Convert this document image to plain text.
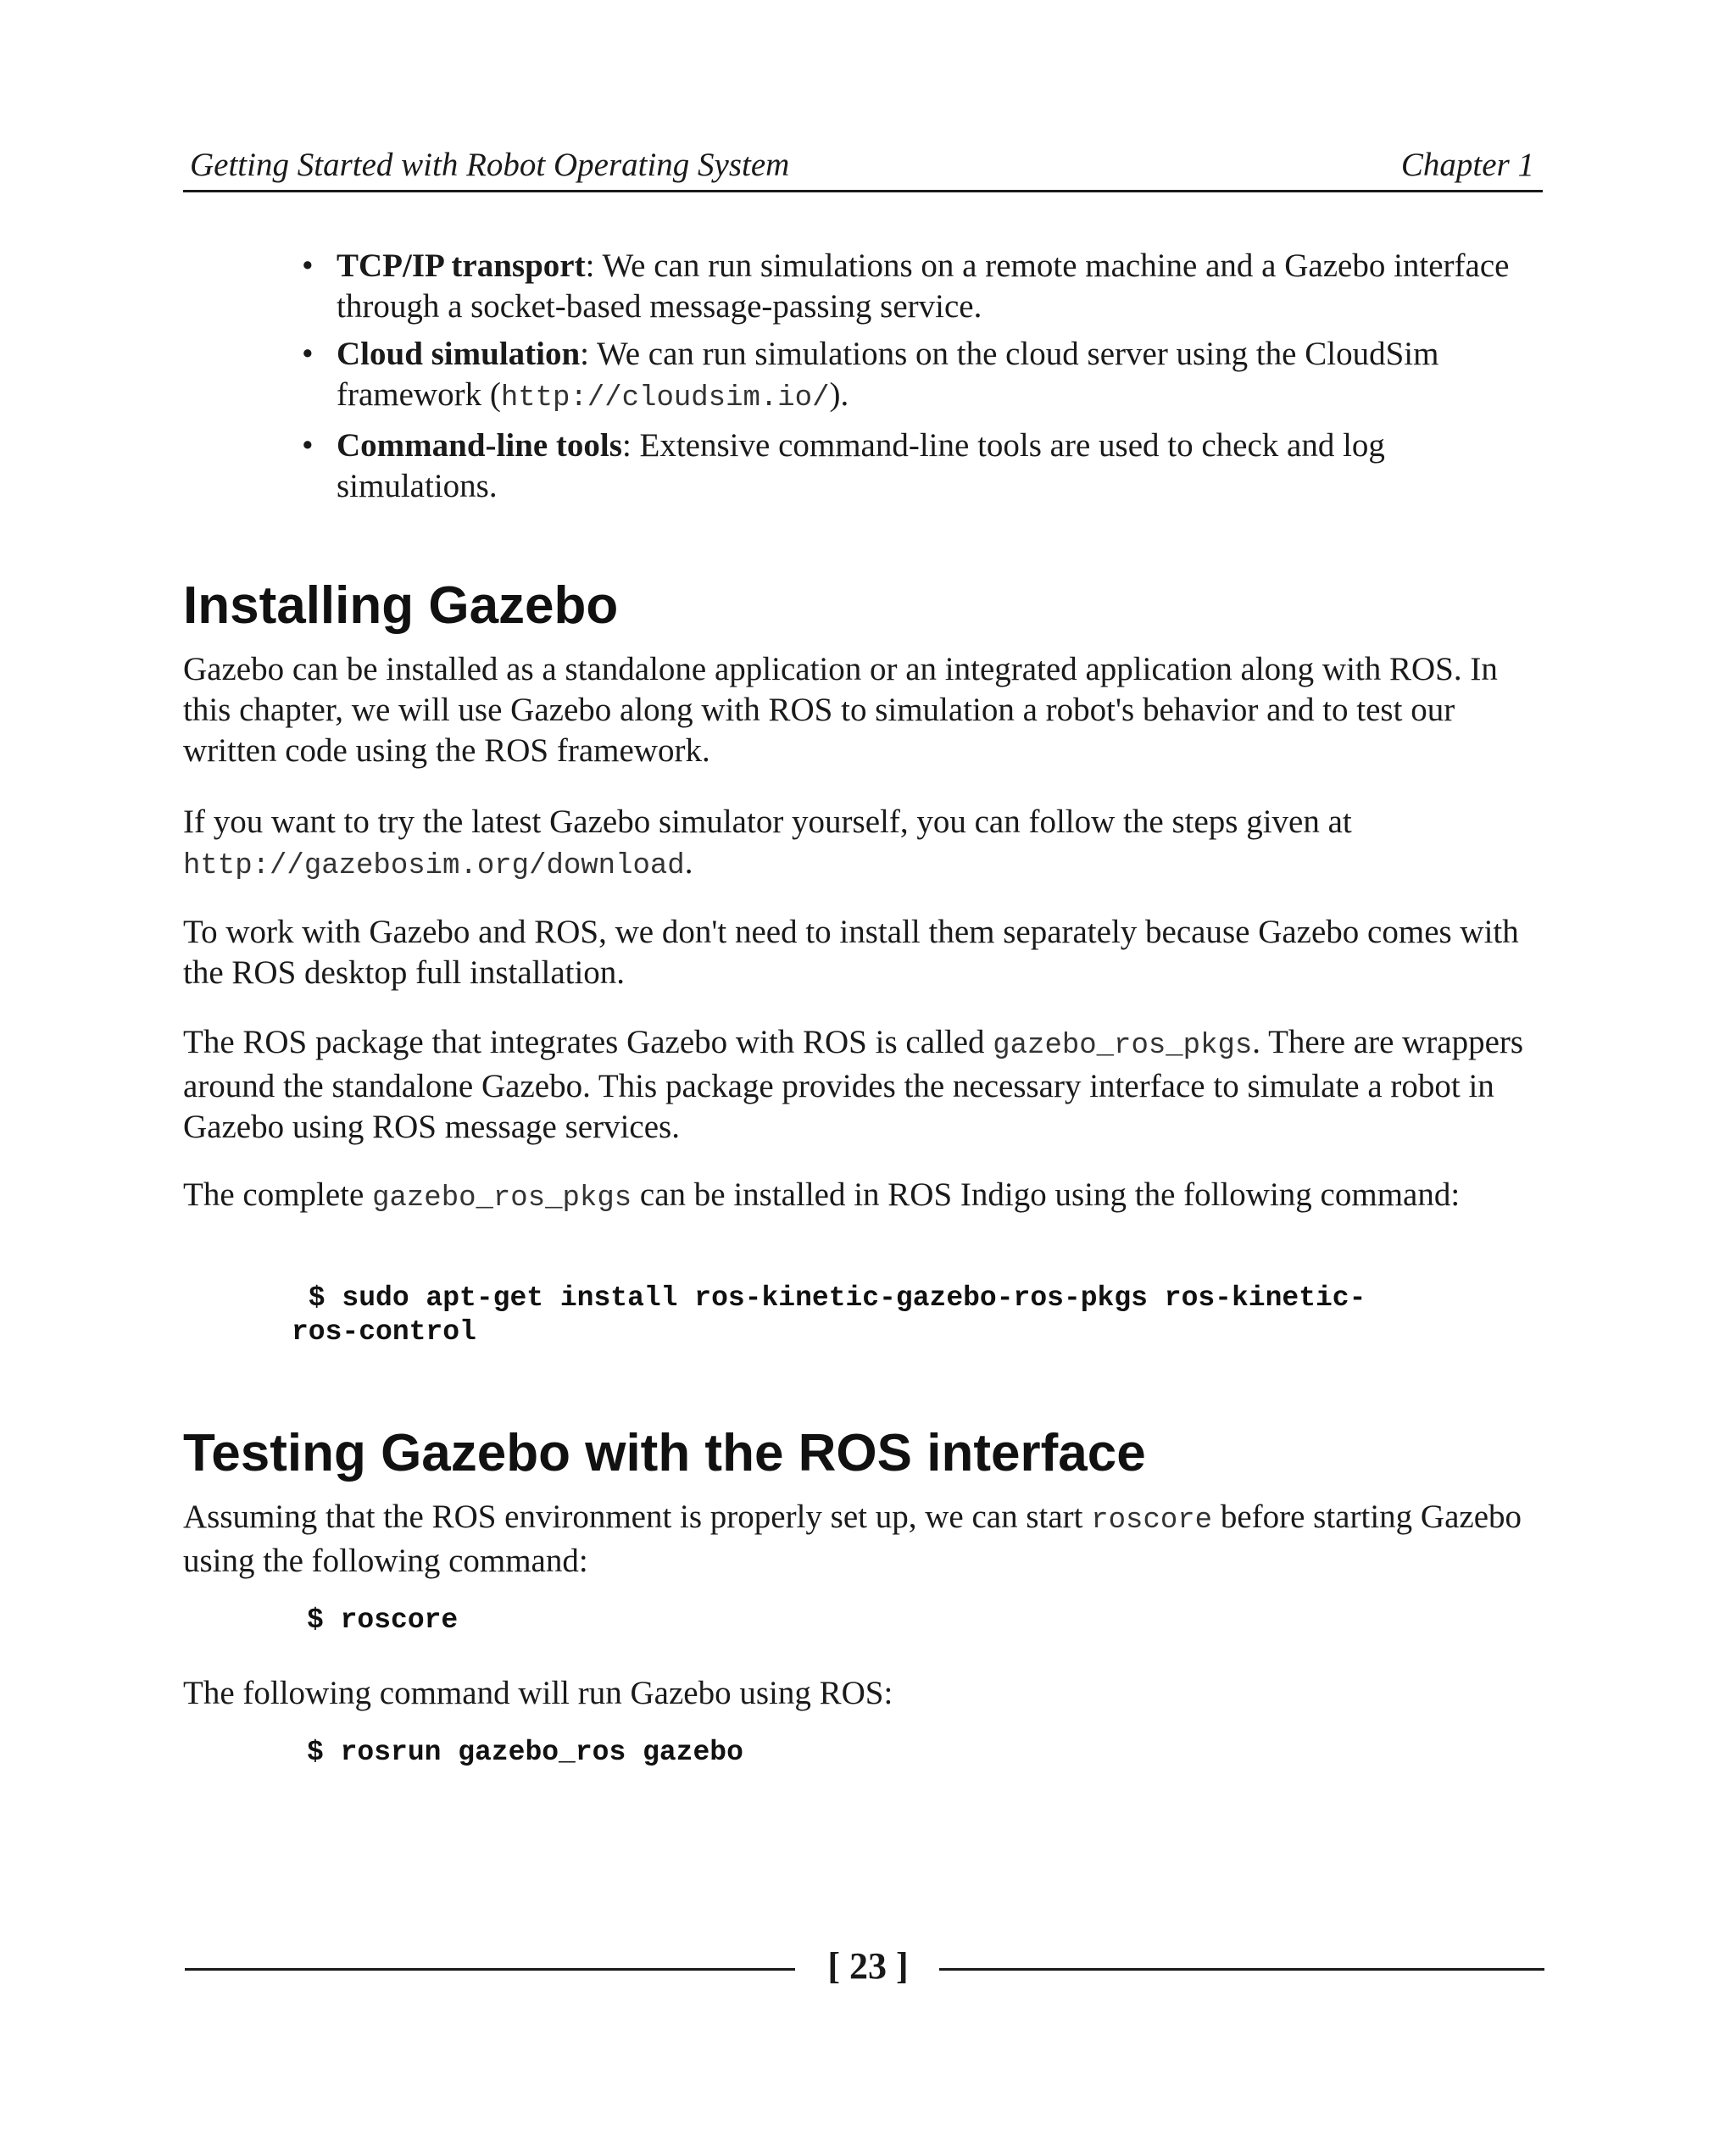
Getting Started with Robot Operating System	Chapter 1
• TCP/IP transport: We can run simulations on a remote machine and a Gazebo interface through a socket-based message-passing service.
• Cloud simulation: We can run simulations on the cloud server using the CloudSim framework (http://cloudsim.io/).
• Command-line tools: Extensive command-line tools are used to check and log simulations.
Installing Gazebo

Gazebo can be installed as a standalone application or an integrated application along with ROS. In this chapter, we will use Gazebo along with ROS to simulation a robot's behavior and to test our written code using the ROS framework.

If you want to try the latest Gazebo simulator yourself, you can follow the steps given at
http://gazebosim.org/download.

To work with Gazebo and ROS, we don't need to install them separately because Gazebo comes with the ROS desktop full installation.

The ROS package that integrates Gazebo with ROS is called gazebo_ros_pkgs. There are wrappers around the standalone Gazebo. This package provides the necessary interface to simulate a robot in Gazebo using ROS message services.

The complete gazebo_ros_pkgs can be installed in ROS Indigo using the following command:

$ sudo apt-get install ros-kinetic-gazebo-ros-pkgs ros-kinetic-
ros-control
Testing Gazebo with the ROS interface

Assuming that the ROS environment is properly set up, we can start roscore before starting Gazebo using the following command:

$ roscore

The following command will run Gazebo using ROS:

$ rosrun gazebo_ros gazebo
[ 23 ]
